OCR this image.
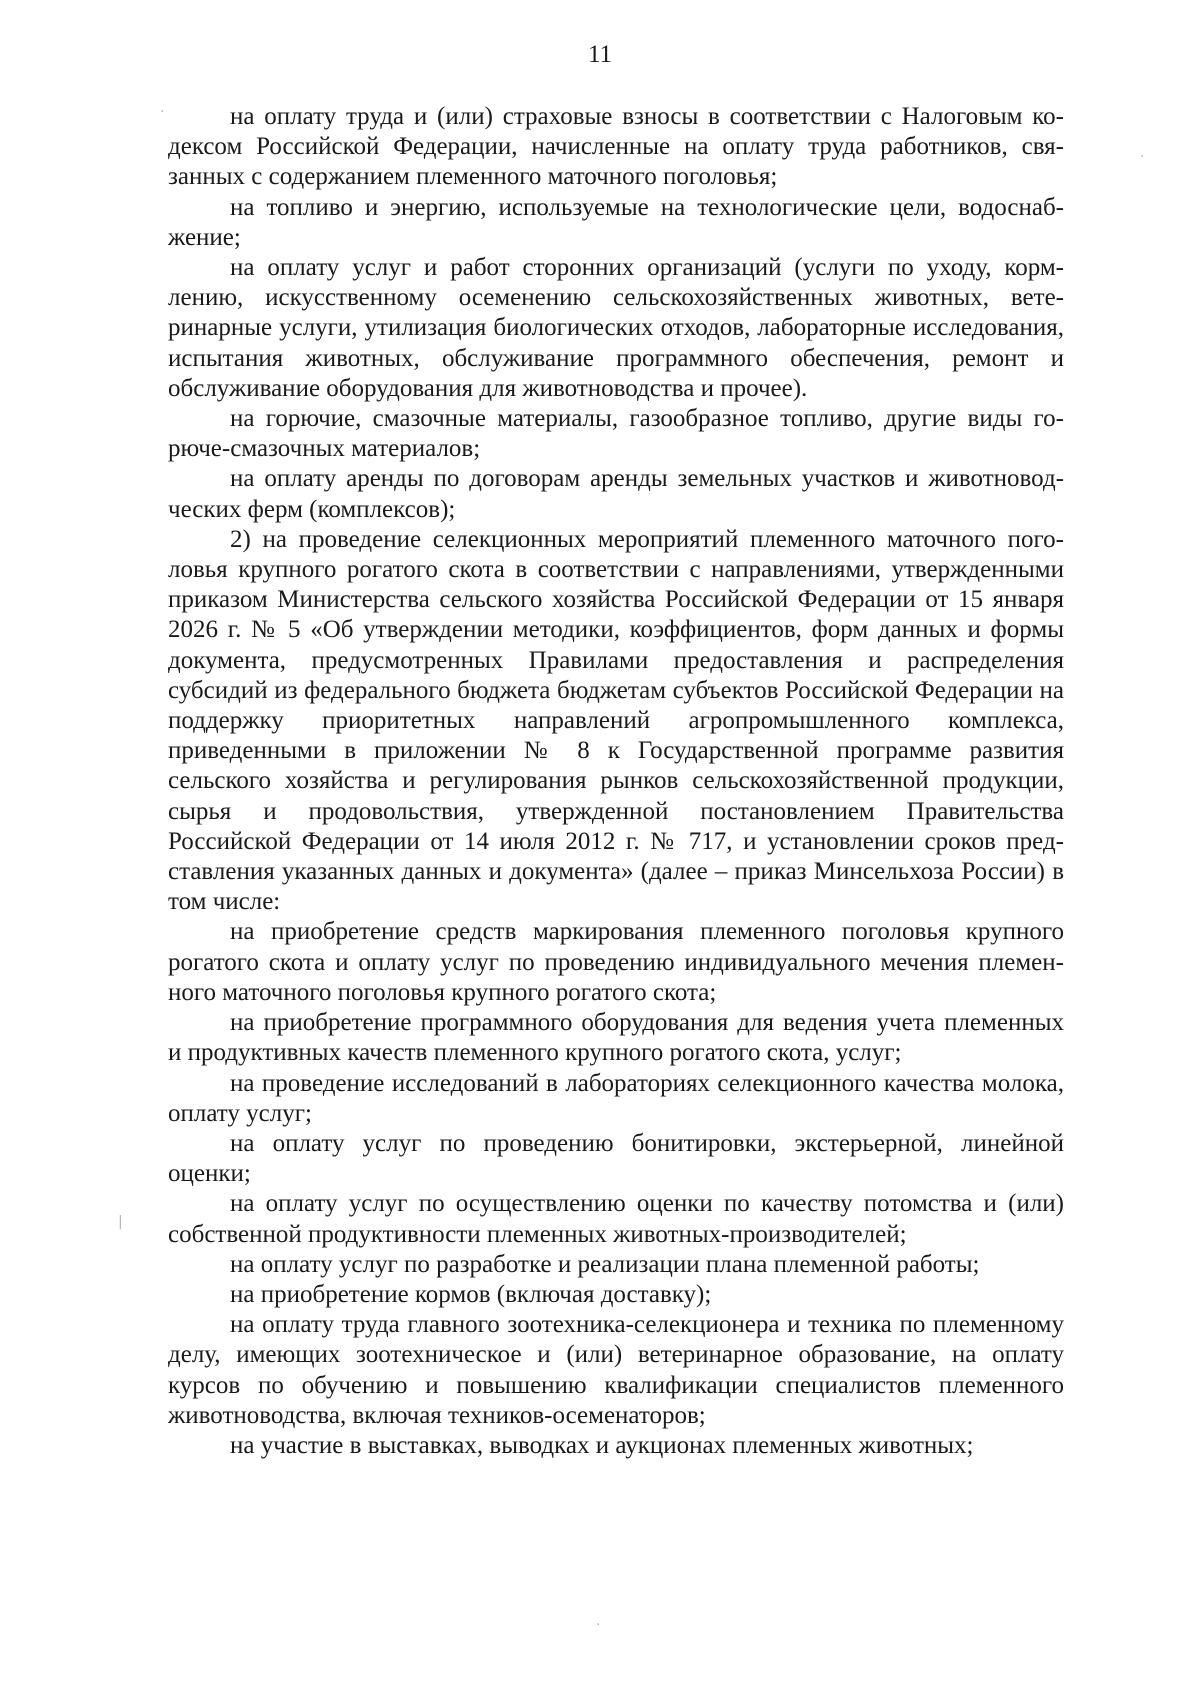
11

на оплату труда и (или) страховые взносы в соответствии с Налоговым кодексом Российской Федерации, начисленные на оплату труда работников, связанных с содержанием племенного маточного поголовья;

на топливо и энергию, используемые на технологические цели, водоснабжение;

на оплату услуг и работ сторонних организаций (услуги по уходу, кормлению, искусственному осеменению сельскохозяйственных животных, ветеринарные услуги, утилизация биологических отходов, лабораторные исследования, испытания животных, обслуживание программного обеспечения, ремонт и обслуживание оборудования для животноводства и прочее).

на горючие, смазочные материалы, газообразное топливо, другие виды горюче-смазочных материалов;

на оплату аренды по договорам аренды земельных участков и животноводческих ферм (комплексов);

2) на проведение селекционных мероприятий племенного маточного поголовья крупного рогатого скота в соответствии с направлениями, утвержденными приказом Министерства сельского хозяйства Российской Федерации от 15 января 2026 г. № 5 «Об утверждении методики, коэффициентов, форм данных и формы документа, предусмотренных Правилами предоставления и распределения субсидий из федерального бюджета бюджетам субъектов Российской Федерации на поддержку приоритетных направлений агропромышленного комплекса, приведенными в приложении № 8 к Государственной программе развития сельского хозяйства и регулирования рынков сельскохозяйственной продукции, сырья и продовольствия, утвержденной постановлением Правительства Российской Федерации от 14 июля 2012 г. № 717, и установлении сроков представления указанных данных и документа» (далее – приказ Минсельхоза России) в том числе:

на приобретение средств маркирования племенного поголовья крупного рогатого скота и оплату услуг по проведению индивидуального мечения племенного маточного поголовья крупного рогатого скота;

на приобретение программного оборудования для ведения учета племенных и продуктивных качеств племенного крупного рогатого скота, услуг;

на проведение исследований в лабораториях селекционного качества молока, оплату услуг;

на оплату услуг по проведению бонитировки, экстерьерной, линейной оценки;

на оплату услуг по осуществлению оценки по качеству потомства и (или) собственной продуктивности племенных животных-производителей;

на оплату услуг по разработке и реализации плана племенной работы;

на приобретение кормов (включая доставку);

на оплату труда главного зоотехника-селекционера и техника по племенному делу, имеющих зоотехническое и (или) ветеринарное образование, на оплату курсов по обучению и повышению квалификации специалистов племенного животноводства, включая техников-осеменаторов;

на участие в выставках, выводках и аукционах племенных животных;

·
·
|
·
